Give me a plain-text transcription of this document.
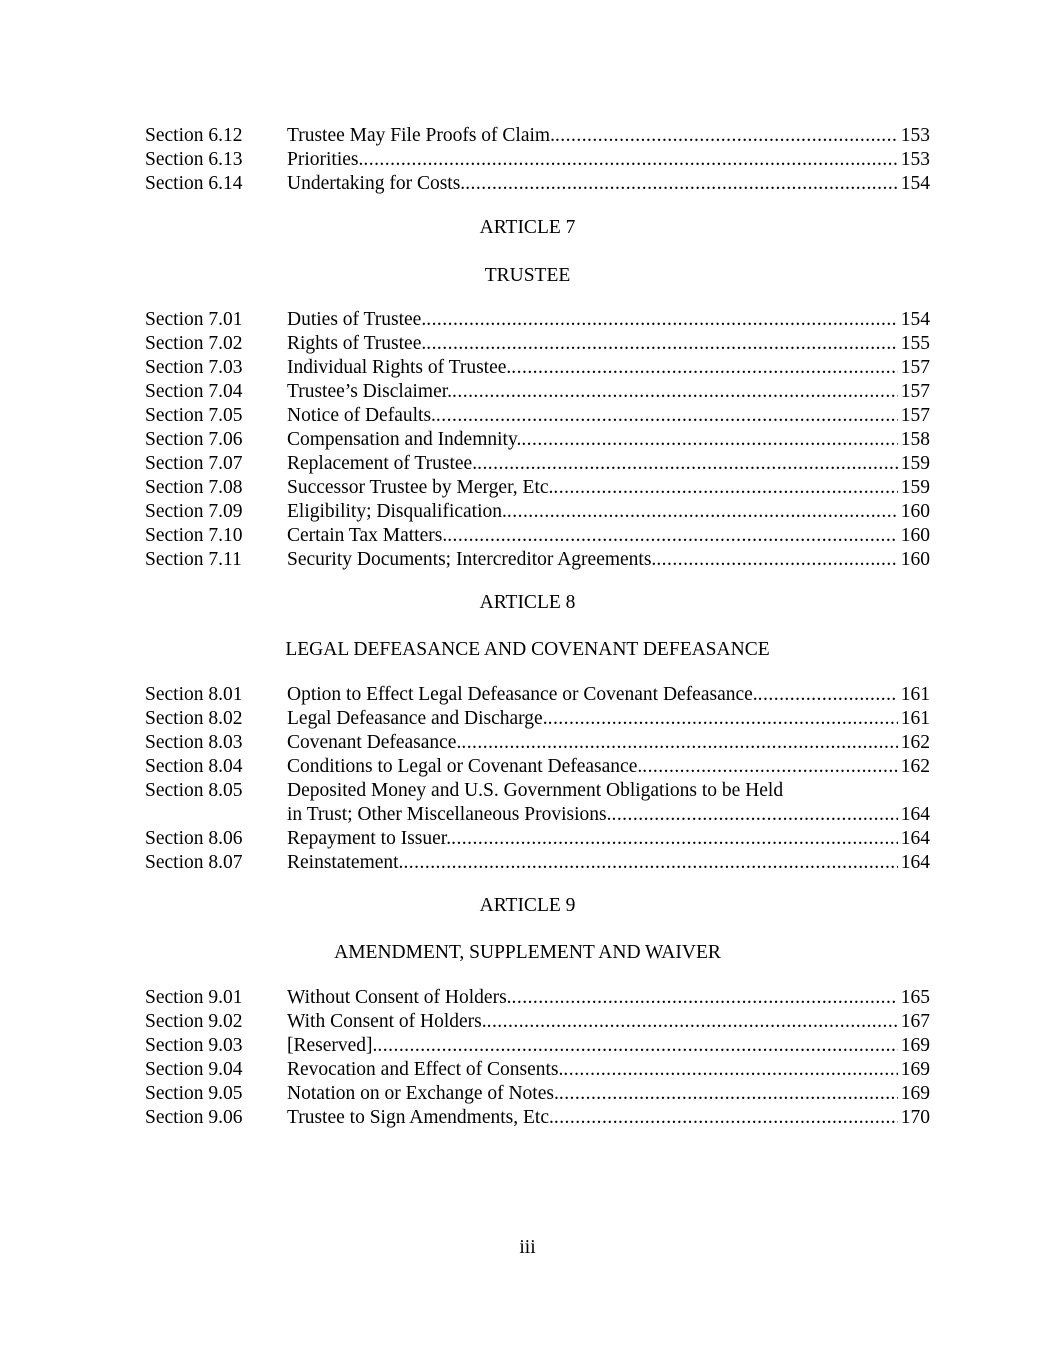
Section 6.12 Trustee May File Proofs of Claim. . . .	153
Section 6.13 Priorities. . . .	153
Section 6.14 Undertaking for Costs. . . .	154
ARTICLE 7
TRUSTEE
Section 7.01 Duties of Trustee. . . .	154
Section 7.02 Rights of Trustee. . . .	155
Section 7.03 Individual Rights of Trustee. . . .	157
Section 7.04 Trustee’s Disclaimer. . . .	157
Section 7.05 Notice of Defaults. . . .	157
Section 7.06 Compensation and Indemnity. . . .	158
Section 7.07 Replacement of Trustee. . . .	159
Section 7.08 Successor Trustee by Merger, Etc. . . .	159
Section 7.09 Eligibility; Disqualification. . . .	160
Section 7.10 Certain Tax Matters. . . .	160
Section 7.11 Security Documents; Intercreditor Agreements. . . .	160
ARTICLE 8
LEGAL DEFEASANCE AND COVENANT DEFEASANCE
Section 8.01 Option to Effect Legal Defeasance or Covenant Defeasance. . . .	161
Section 8.02 Legal Defeasance and Discharge. . . .	161
Section 8.03 Covenant Defeasance. . . .	162
Section 8.04 Conditions to Legal or Covenant Defeasance. . . .	162
Section 8.05 Deposited Money and U.S. Government Obligations to be Held
in Trust; Other Miscellaneous Provisions. . . .	164
Section 8.06 Repayment to Issuer. . . .	164
Section 8.07 Reinstatement. . . .	164
ARTICLE 9
AMENDMENT, SUPPLEMENT AND WAIVER
Section 9.01 Without Consent of Holders. . . .	165
Section 9.02 With Consent of Holders. . . .	167
Section 9.03 [Reserved]. . . .	169
Section 9.04 Revocation and Effect of Consents. . . .	169
Section 9.05 Notation on or Exchange of Notes. . . .	169
Section 9.06 Trustee to Sign Amendments, Etc. . . .	170
iii
